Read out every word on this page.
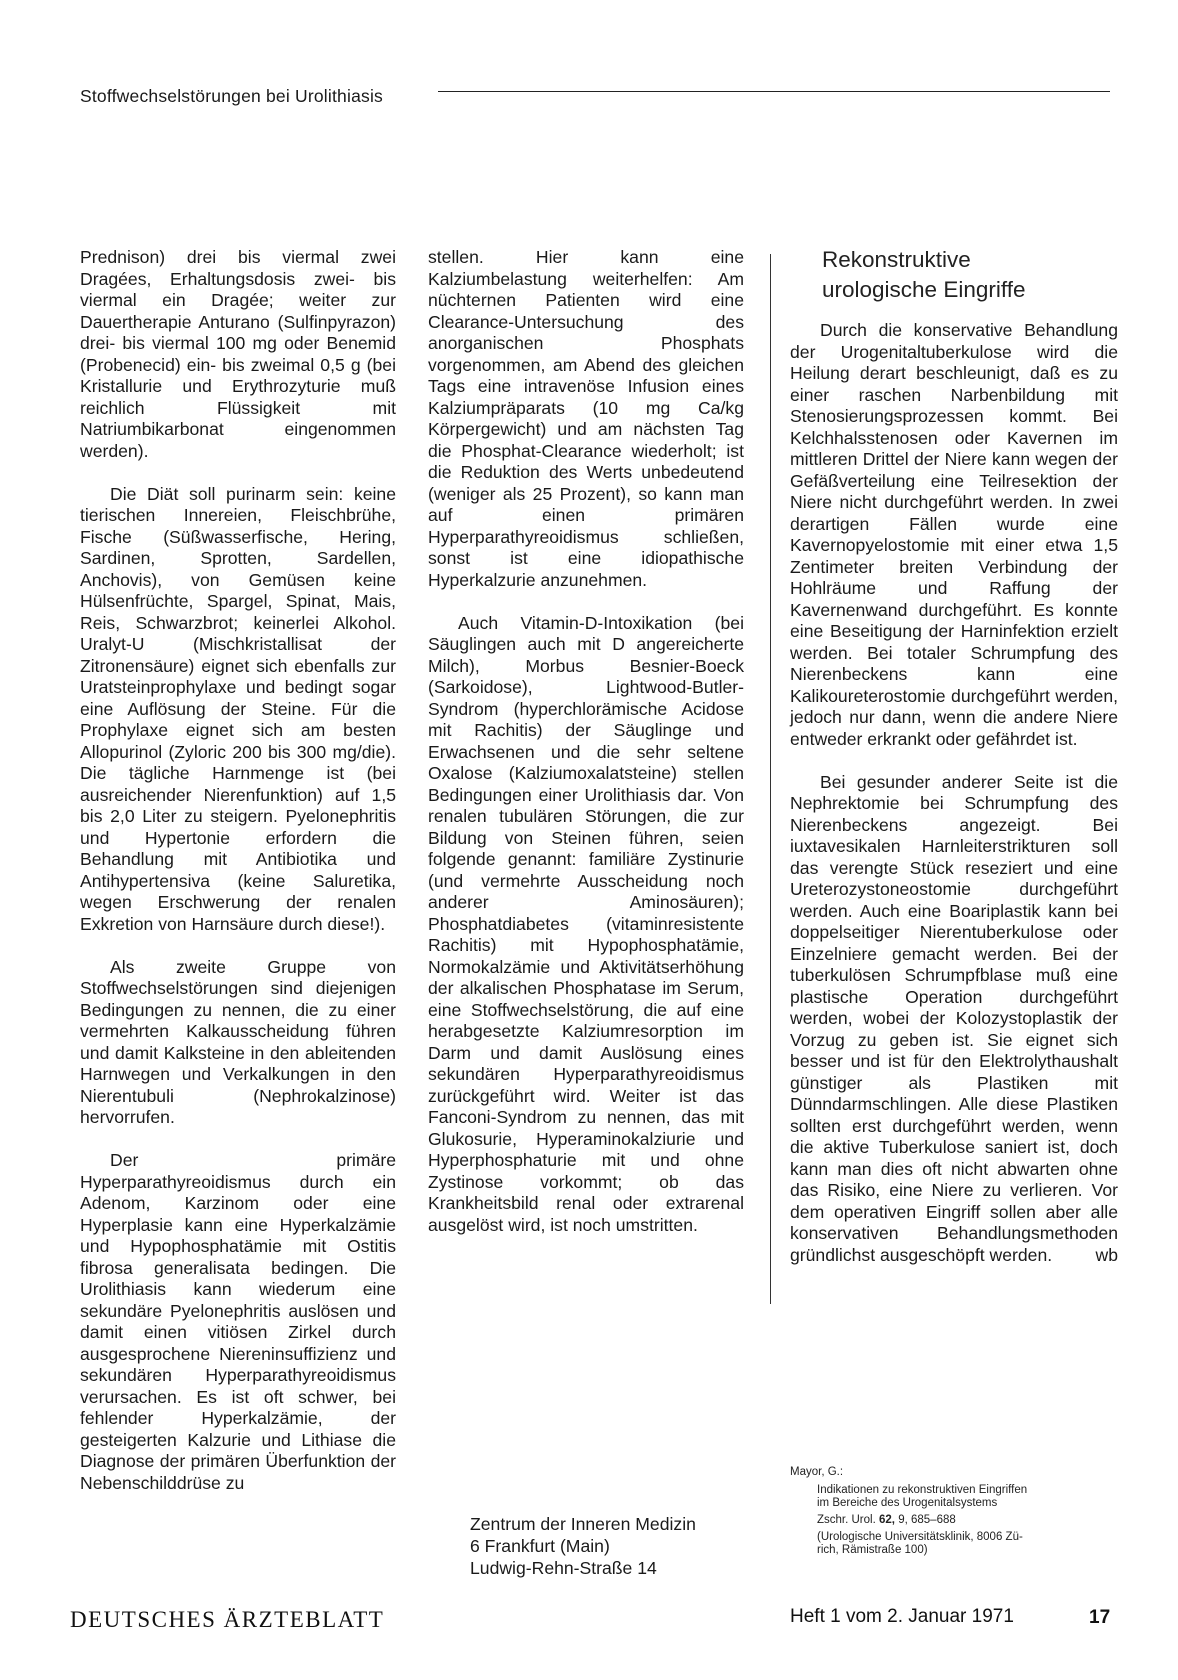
Stoffwechselstörungen bei Urolithiasis

Prednison) drei bis viermal zwei Dragées, Erhaltungsdosis zwei- bis viermal ein Dragée; weiter zur Dauertherapie Anturano (Sulfinpyrazon) drei- bis viermal 100 mg oder Benemid (Probenecid) ein- bis zweimal 0,5 g (bei Kristallurie und Erythrozyturie muß reichlich Flüssigkeit mit Natriumbikarbonat eingenommen werden).

Die Diät soll purinarm sein: keine tierischen Innereien, Fleischbrühe, Fische (Süßwasserfische, Hering, Sardinen, Sprotten, Sardellen, Anchovis), von Gemüsen keine Hülsenfrüchte, Spargel, Spinat, Mais, Reis, Schwarzbrot; keinerlei Alkohol. Uralyt-U (Mischkristallisat der Zitronensäure) eignet sich ebenfalls zur Uratsteinprophylaxe und bedingt sogar eine Auflösung der Steine. Für die Prophylaxe eignet sich am besten Allopurinol (Zyloric 200 bis 300 mg/die). Die tägliche Harnmenge ist (bei ausreichender Nierenfunktion) auf 1,5 bis 2,0 Liter zu steigern. Pyelonephritis und Hypertonie erfordern die Behandlung mit Antibiotika und Antihypertensiva (keine Saluretika, wegen Erschwerung der renalen Exkretion von Harnsäure durch diese!).

Als zweite Gruppe von Stoffwechselstörungen sind diejenigen Bedingungen zu nennen, die zu einer vermehrten Kalkausscheidung führen und damit Kalksteine in den ableitenden Harnwegen und Verkalkungen in den Nierentubuli (Nephrokalzinose) hervorrufen.

Der primäre Hyperparathyreoidismus durch ein Adenom, Karzinom oder eine Hyperplasie kann eine Hyperkalzämie und Hypophosphatämie mit Ostitis fibrosa generalisata bedingen. Die Urolithiasis kann wiederum eine sekundäre Pyelonephritis auslösen und damit einen vitiösen Zirkel durch ausgesprochene Niereninsuffizienz und sekundären Hyperparathyreoidismus verursachen. Es ist oft schwer, bei fehlender Hyperkalzämie, der gesteigerten Kalzurie und Lithiase die Diagnose der primären Überfunktion der Nebenschilddrüse zu

stellen. Hier kann eine Kalziumbelastung weiterhelfen: Am nüchternen Patienten wird eine Clearance-Untersuchung des anorganischen Phosphats vorgenommen, am Abend des gleichen Tags eine intravenöse Infusion eines Kalziumpräparats (10 mg Ca/kg Körpergewicht) und am nächsten Tag die Phosphat-Clearance wiederholt; ist die Reduktion des Werts unbedeutend (weniger als 25 Prozent), so kann man auf einen primären Hyperparathyreoidismus schließen, sonst ist eine idiopathische Hyperkalzurie anzunehmen.

Auch Vitamin-D-Intoxikation (bei Säuglingen auch mit D angereicherte Milch), Morbus Besnier-Boeck (Sarkoidose), Lightwood-Butler-Syndrom (hyperchlorämische Acidose mit Rachitis) der Säuglinge und Erwachsenen und die sehr seltene Oxalose (Kalziumoxalatsteine) stellen Bedingungen einer Urolithiasis dar. Von renalen tubulären Störungen, die zur Bildung von Steinen führen, seien folgende genannt: familiäre Zystinurie (und vermehrte Ausscheidung noch anderer Aminosäuren); Phosphatdiabetes (vitaminresistente Rachitis) mit Hypophosphatämie, Normokalzämie und Aktivitätserhöhung der alkalischen Phosphatase im Serum, eine Stoffwechselstörung, die auf eine herabgesetzte Kalziumresorption im Darm und damit Auslösung eines sekundären Hyperparathyreoidismus zurückgeführt wird. Weiter ist das Fanconi-Syndrom zu nennen, das mit Glukosurie, Hyperaminokalziurie und Hyperphosphaturie mit und ohne Zystinose vorkommt; ob das Krankheitsbild renal oder extrarenal ausgelöst wird, ist noch umstritten.

Zentrum der Inneren Medizin
6 Frankfurt (Main)
Ludwig-Rehn-Straße 14
Rekonstruktive
urologische Eingriffe

Durch die konservative Behandlung der Urogenitaltuberkulose wird die Heilung derart beschleunigt, daß es zu einer raschen Narbenbildung mit Stenosierungsprozessen kommt. Bei Kelchhalsstenosen oder Kavernen im mittleren Drittel der Niere kann wegen der Gefäßverteilung eine Teilresektion der Niere nicht durchgeführt werden. In zwei derartigen Fällen wurde eine Kavernopyelostomie mit einer etwa 1,5 Zentimeter breiten Verbindung der Hohlräume und Raffung der Kavernenwand durchgeführt. Es konnte eine Beseitigung der Harninfektion erzielt werden. Bei totaler Schrumpfung des Nierenbeckens kann eine Kalikoureterostomie durchgeführt werden, jedoch nur dann, wenn die andere Niere entweder erkrankt oder gefährdet ist.

Bei gesunder anderer Seite ist die Nephrektomie bei Schrumpfung des Nierenbeckens angezeigt. Bei iuxtavesikalen Harnleiterstrikturen soll das verengte Stück reseziert und eine Ureterozystoneostomie durchgeführt werden. Auch eine Boariplastik kann bei doppelseitiger Nierentuberkulose oder Einzelniere gemacht werden. Bei der tuberkulösen Schrumpfblase muß eine plastische Operation durchgeführt werden, wobei der Kolozystoplastik der Vorzug zu geben ist. Sie eignet sich besser und ist für den Elektrolythaushalt günstiger als Plastiken mit Dünndarmschlingen. Alle diese Plastiken sollten erst durchgeführt werden, wenn die aktive Tuberkulose saniert ist, doch kann man dies oft nicht abwarten ohne das Risiko, eine Niere zu verlieren. Vor dem operativen Eingriff sollen aber alle konservativen Behandlungsmethoden gründlichst ausgeschöpft werden.	wb

Mayor, G.:
Indikationen zu rekonstruktiven Eingriffen
im Bereiche des Urogenitalsystems
Zschr. Urol. 62, 9, 685–688
(Urologische Universitätsklinik, 8006 Zü-
rich, Rämistraße 100)
DEUTSCHES ÄRZTEBLATT	Heft 1 vom 2. Januar 1971	17
